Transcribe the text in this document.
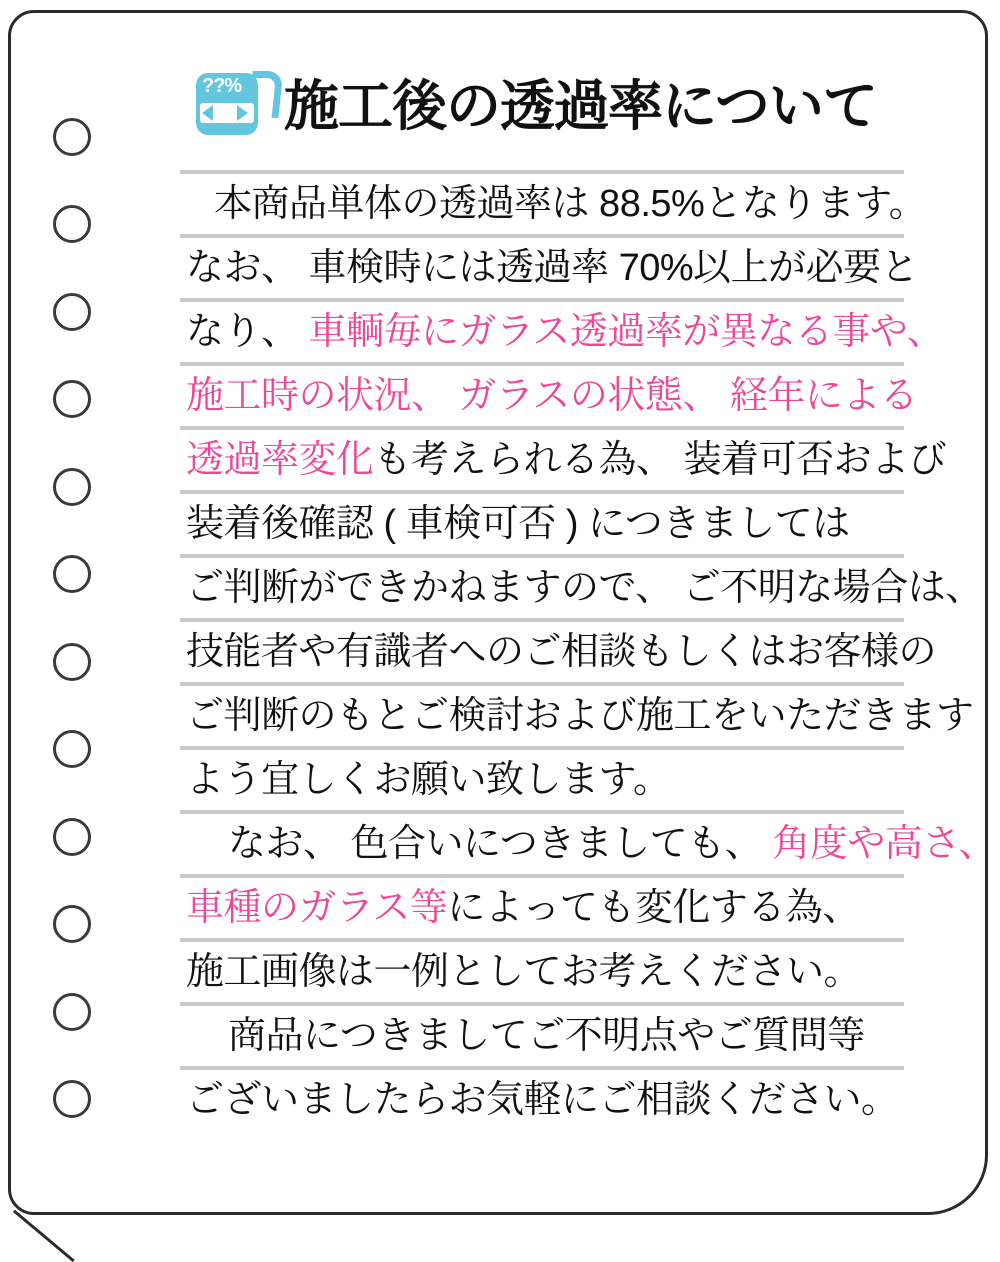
??% 施工後の透過率について
本商品単体の透過率は 88.5%となります。
なお、 車検時には透過率 70%以上が必要と
なり、 車輌毎にガラス透過率が異なる事や、
施工時の状況、 ガラスの状態、 経年による
透過率変化も考えられる為、 装着可否および
装着後確認 ( 車検可否 ) につきましては
ご判断ができかねますので、 ご不明な場合は、
技能者や有識者へのご相談もしくはお客様の
ご判断のもとご検討および施工をいただきます
よう宜しくお願い致します。
なお、 色合いにつきましても、 角度や高さ、
車種のガラス等によっても変化する為、
施工画像は一例としてお考えください。
商品につきましてご不明点やご質問等
ございましたらお気軽にご相談ください。
